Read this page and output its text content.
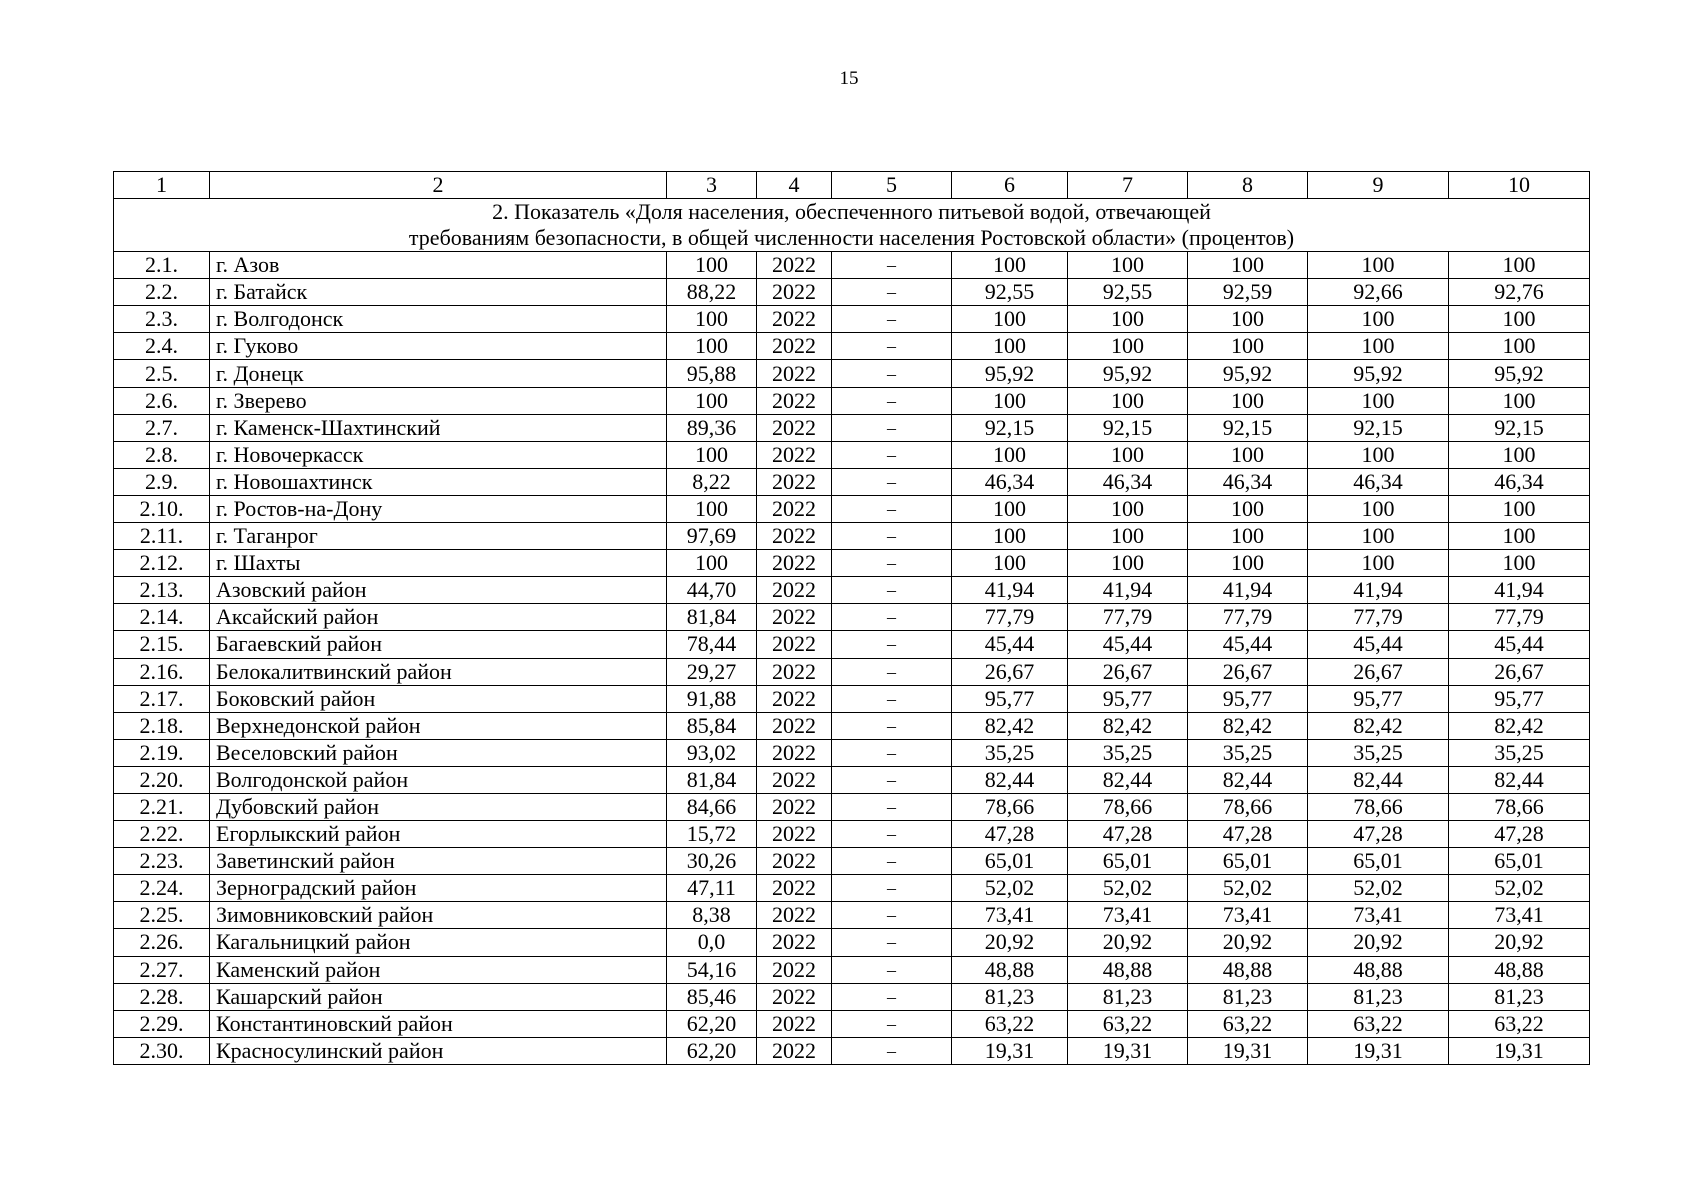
15
1	2	3	4	5	6	7	8	9	10
2. Показатель «Доля населения, обеспеченного питьевой водой, отвечающей
требованиям безопасности, в общей численности населения Ростовской области» (процентов)									
2.1.	г. Азов	100	2022	–	100	100	100	100	100
2.2.	г. Батайск	88,22	2022	–	92,55	92,55	92,59	92,66	92,76
2.3.	г. Волгодонск	100	2022	–	100	100	100	100	100
2.4.	г. Гуково	100	2022	–	100	100	100	100	100
2.5.	г. Донецк	95,88	2022	–	95,92	95,92	95,92	95,92	95,92
2.6.	г. Зверево	100	2022	–	100	100	100	100	100
2.7.	г. Каменск-Шахтинский	89,36	2022	–	92,15	92,15	92,15	92,15	92,15
2.8.	г. Новочеркасск	100	2022	–	100	100	100	100	100
2.9.	г. Новошахтинск	8,22	2022	–	46,34	46,34	46,34	46,34	46,34
2.10.	г. Ростов-на-Дону	100	2022	–	100	100	100	100	100
2.11.	г. Таганрог	97,69	2022	–	100	100	100	100	100
2.12.	г. Шахты	100	2022	–	100	100	100	100	100
2.13.	Азовский район	44,70	2022	–	41,94	41,94	41,94	41,94	41,94
2.14.	Аксайский район	81,84	2022	–	77,79	77,79	77,79	77,79	77,79
2.15.	Багаевский район	78,44	2022	–	45,44	45,44	45,44	45,44	45,44
2.16.	Белокалитвинский район	29,27	2022	–	26,67	26,67	26,67	26,67	26,67
2.17.	Боковский район	91,88	2022	–	95,77	95,77	95,77	95,77	95,77
2.18.	Верхнедонской район	85,84	2022	–	82,42	82,42	82,42	82,42	82,42
2.19.	Веселовский район	93,02	2022	–	35,25	35,25	35,25	35,25	35,25
2.20.	Волгодонской район	81,84	2022	–	82,44	82,44	82,44	82,44	82,44
2.21.	Дубовский район	84,66	2022	–	78,66	78,66	78,66	78,66	78,66
2.22.	Егорлыкский район	15,72	2022	–	47,28	47,28	47,28	47,28	47,28
2.23.	Заветинский район	30,26	2022	–	65,01	65,01	65,01	65,01	65,01
2.24.	Зерноградский район	47,11	2022	–	52,02	52,02	52,02	52,02	52,02
2.25.	Зимовниковский район	8,38	2022	–	73,41	73,41	73,41	73,41	73,41
2.26.	Кагальницкий район	0,0	2022	–	20,92	20,92	20,92	20,92	20,92
2.27.	Каменский район	54,16	2022	–	48,88	48,88	48,88	48,88	48,88
2.28.	Кашарский район	85,46	2022	–	81,23	81,23	81,23	81,23	81,23
2.29.	Константиновский район	62,20	2022	–	63,22	63,22	63,22	63,22	63,22
2.30.	Красносулинский район	62,20	2022	–	19,31	19,31	19,31	19,31	19,31
